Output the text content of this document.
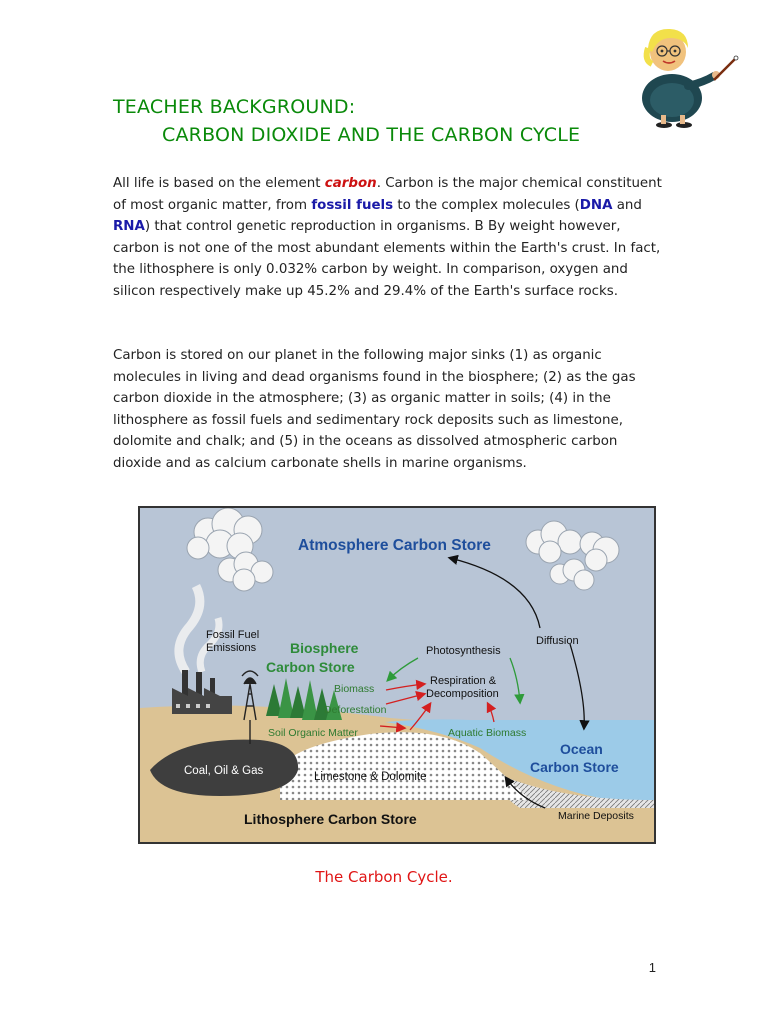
TEACHER BACKGROUND:
CARBON DIOXIDE AND THE CARBON CYCLE

All life is based on the element carbon. Carbon is the major chemical constituent of most organic matter, from fossil fuels to the complex molecules (DNA and RNA) that control genetic reproduction in organisms. B By weight however, carbon is not one of the most abundant elements within the Earth's crust. In fact, the lithosphere is only 0.032% carbon by weight. In comparison, oxygen and silicon respectively make up 45.2% and 29.4% of the Earth's surface rocks.

Carbon is stored on our planet in the following major sinks (1) as organic molecules in living and dead organisms found in the biosphere; (2) as the gas carbon dioxide in the atmosphere; (3) as organic matter in soils; (4) in the lithosphere as fossil fuels and sedimentary rock deposits such as limestone, dolomite and chalk; and (5) in the oceans as dissolved atmospheric carbon dioxide and as calcium carbonate shells in marine organisms.

Atmosphere Carbon Store
Fossil Fuel
Emissions Biosphere
Carbon Store
Photosynthesis
Diffusion
Respiration &
Decomposition
Biomass
Deforestation
Soil Organic Matter	Aquatic Biomass
Ocean
Carbon Store
Coal, Oil & Gas	Limestone & Dolomite
Lithosphere Carbon Store	Marine Deposits

The Carbon Cycle.

1
